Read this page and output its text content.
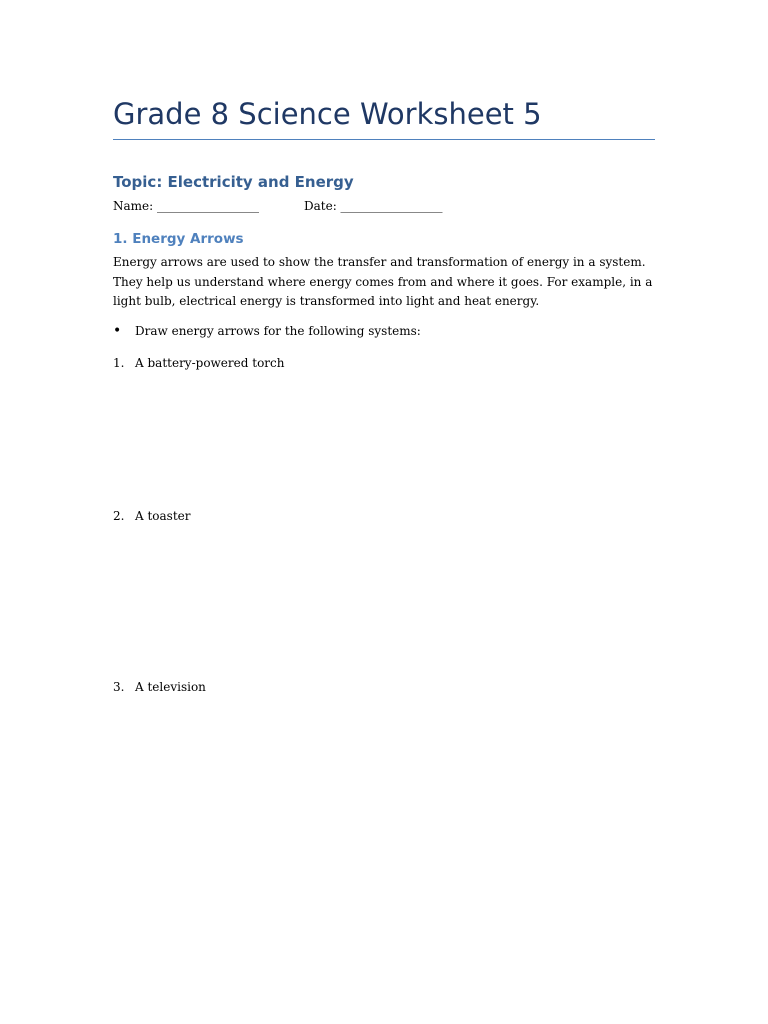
Grade 8 Science Worksheet 5
Topic: Electricity and Energy
Name: _________________	Date: _________________
1. Energy Arrows

Energy arrows are used to show the transfer and transformation of energy in a system.
They help us understand where energy comes from and where it goes. For example, in a
light bulb, electrical energy is transformed into light and heat energy.

• Draw energy arrows for the following systems:
1. A battery-powered torch
2. A toaster
3. A television
